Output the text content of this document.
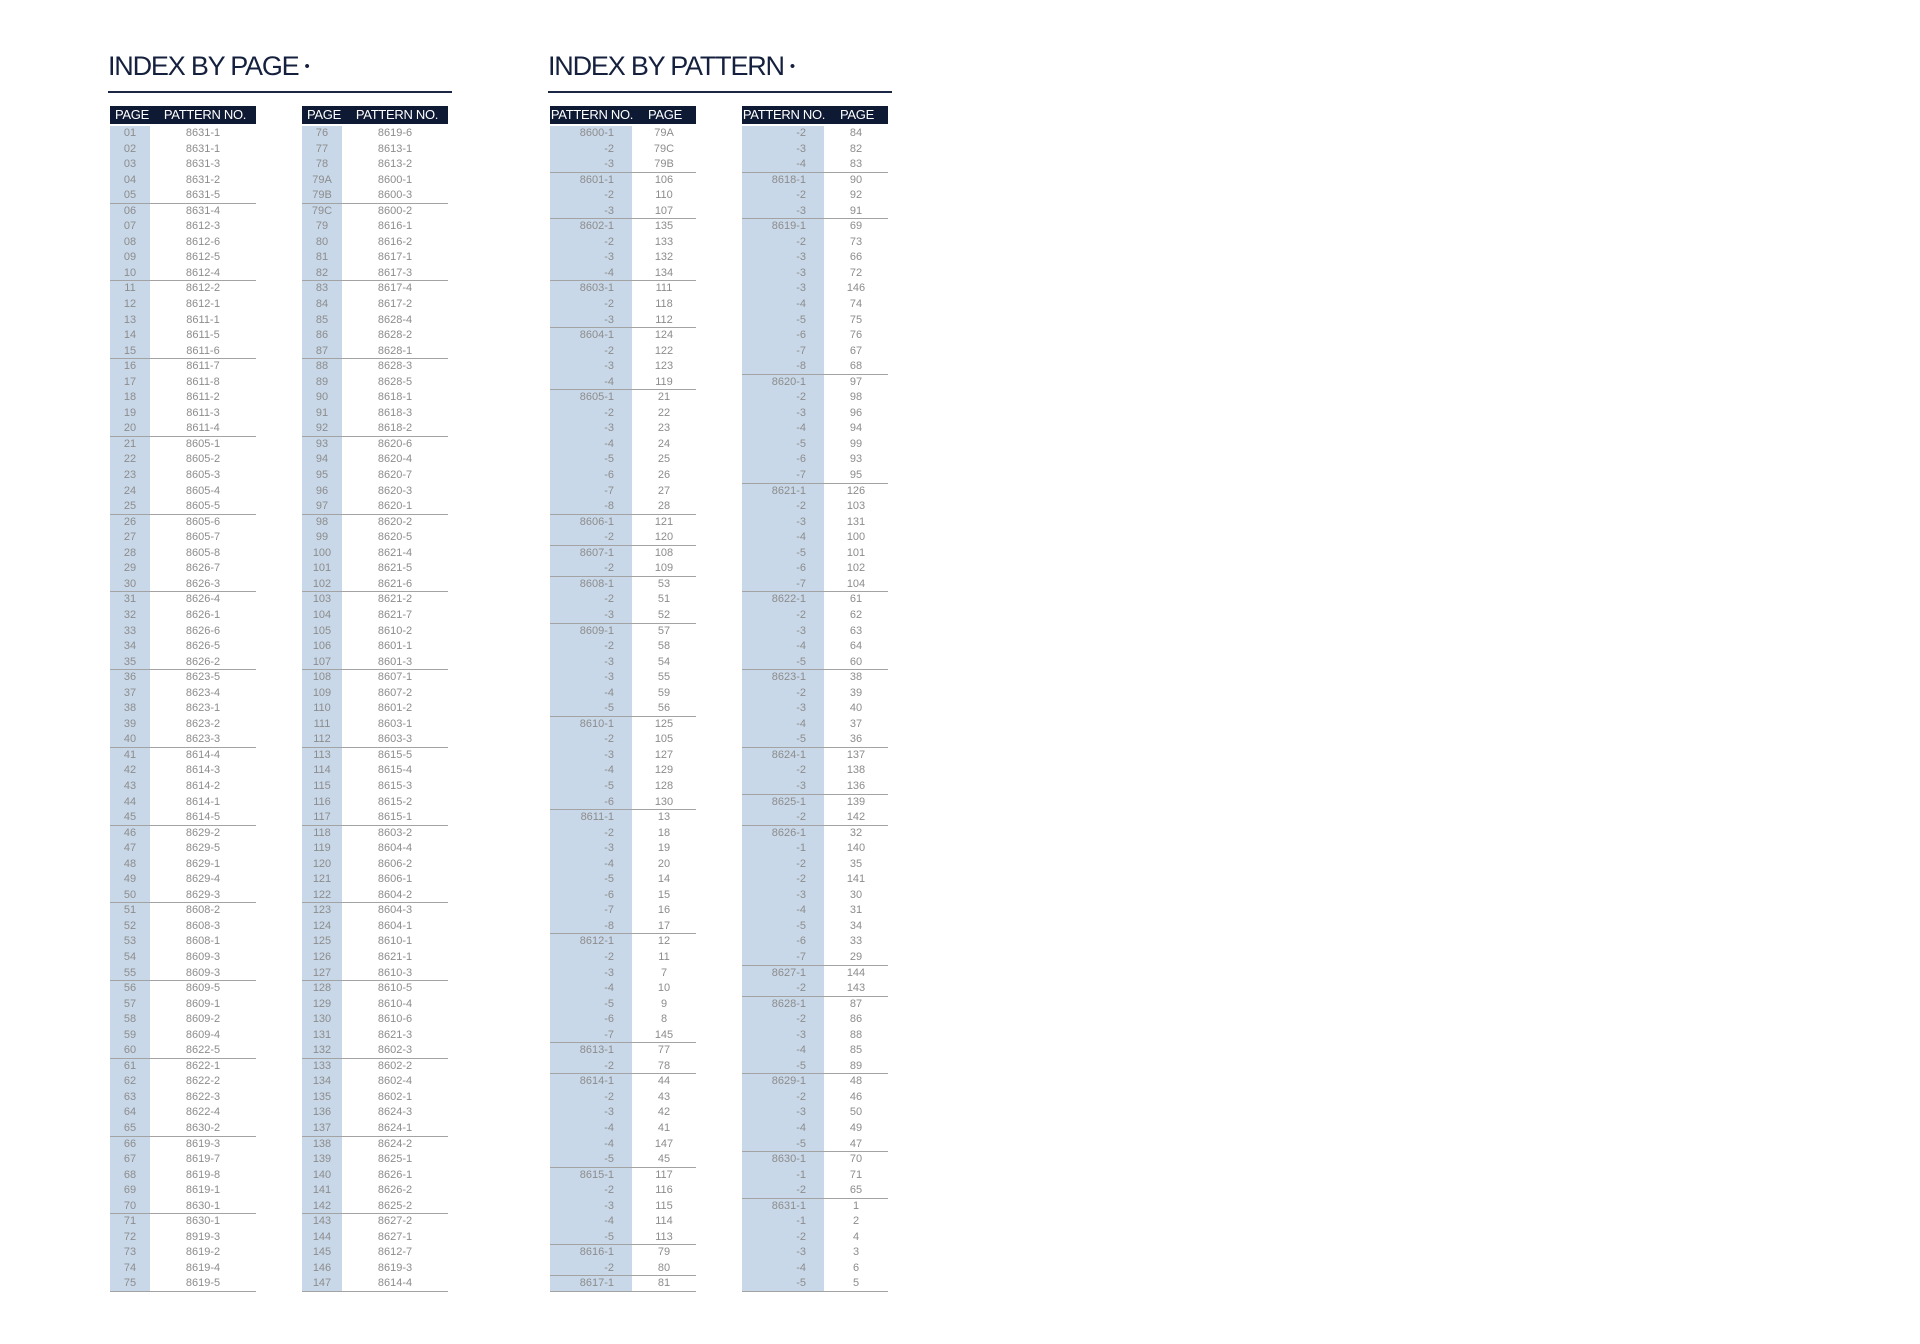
INDEX BY PAGE •
PAGE	PATTERN NO.
01	8631-1
02	8631-1
03	8631-3
04	8631-2
05	8631-5
06	8631-4
07	8612-3
08	8612-6
09	8612-5
10	8612-4
11	8612-2
12	8612-1
13	8611-1
14	8611-5
15	8611-6
16	8611-7
17	8611-8
18	8611-2
19	8611-3
20	8611-4
21	8605-1
22	8605-2
23	8605-3
24	8605-4
25	8605-5
26	8605-6
27	8605-7
28	8605-8
29	8626-7
30	8626-3
31	8626-4
32	8626-1
33	8626-6
34	8626-5
35	8626-2
36	8623-5
37	8623-4
38	8623-1
39	8623-2
40	8623-3
41	8614-4
42	8614-3
43	8614-2
44	8614-1
45	8614-5
46	8629-2
47	8629-5
48	8629-1
49	8629-4
50	8629-3
51	8608-2
52	8608-3
53	8608-1
54	8609-3
55	8609-3
56	8609-5
57	8609-1
58	8609-2
59	8609-4
60	8622-5
61	8622-1
62	8622-2
63	8622-3
64	8622-4
65	8630-2
66	8619-3
67	8619-7
68	8619-8
69	8619-1
70	8630-1
71	8630-1
72	8919-3
73	8619-2
74	8619-4
75	8619-5
PAGE	PATTERN NO.
76	8619-6
77	8613-1
78	8613-2
79A	8600-1
79B	8600-3
79C	8600-2
79	8616-1
80	8616-2
81	8617-1
82	8617-3
83	8617-4
84	8617-2
85	8628-4
86	8628-2
87	8628-1
88	8628-3
89	8628-5
90	8618-1
91	8618-3
92	8618-2
93	8620-6
94	8620-4
95	8620-7
96	8620-3
97	8620-1
98	8620-2
99	8620-5
100	8621-4
101	8621-5
102	8621-6
103	8621-2
104	8621-7
105	8610-2
106	8601-1
107	8601-3
108	8607-1
109	8607-2
110	8601-2
111	8603-1
112	8603-3
113	8615-5
114	8615-4
115	8615-3
116	8615-2
117	8615-1
118	8603-2
119	8604-4
120	8606-2
121	8606-1
122	8604-2
123	8604-3
124	8604-1
125	8610-1
126	8621-1
127	8610-3
128	8610-5
129	8610-4
130	8610-6
131	8621-3
132	8602-3
133	8602-2
134	8602-4
135	8602-1
136	8624-3
137	8624-1
138	8624-2
139	8625-1
140	8626-1
141	8626-2
142	8625-2
143	8627-2
144	8627-1
145	8612-7
146	8619-3
147	8614-4
INDEX BY PATTERN •
PATTERN NO.	PAGE
8600-1	79A
-2	79C
-3	79B
8601-1	106
-2	110
-3	107
8602-1	135
-2	133
-3	132
-4	134
8603-1	111
-2	118
-3	112
8604-1	124
-2	122
-3	123
-4	119
8605-1	21
-2	22
-3	23
-4	24
-5	25
-6	26
-7	27
-8	28
8606-1	121
-2	120
8607-1	108
-2	109
8608-1	53
-2	51
-3	52
8609-1	57
-2	58
-3	54
-3	55
-4	59
-5	56
8610-1	125
-2	105
-3	127
-4	129
-5	128
-6	130
8611-1	13
-2	18
-3	19
-4	20
-5	14
-6	15
-7	16
-8	17
8612-1	12
-2	11
-3	7
-4	10
-5	9
-6	8
-7	145
8613-1	77
-2	78
8614-1	44
-2	43
-3	42
-4	41
-4	147
-5	45
8615-1	117
-2	116
-3	115
-4	114
-5	113
8616-1	79
-2	80
8617-1	81
PATTERN NO.	PAGE
-2	84
-3	82
-4	83
8618-1	90
-2	92
-3	91
8619-1	69
-2	73
-3	66
-3	72
-3	146
-4	74
-5	75
-6	76
-7	67
-8	68
8620-1	97
-2	98
-3	96
-4	94
-5	99
-6	93
-7	95
8621-1	126
-2	103
-3	131
-4	100
-5	101
-6	102
-7	104
8622-1	61
-2	62
-3	63
-4	64
-5	60
8623-1	38
-2	39
-3	40
-4	37
-5	36
8624-1	137
-2	138
-3	136
8625-1	139
-2	142
8626-1	32
-1	140
-2	35
-2	141
-3	30
-4	31
-5	34
-6	33
-7	29
8627-1	144
-2	143
8628-1	87
-2	86
-3	88
-4	85
-5	89
8629-1	48
-2	46
-3	50
-4	49
-5	47
8630-1	70
-1	71
-2	65
8631-1	1
-1	2
-2	4
-3	3
-4	6
-5	5
